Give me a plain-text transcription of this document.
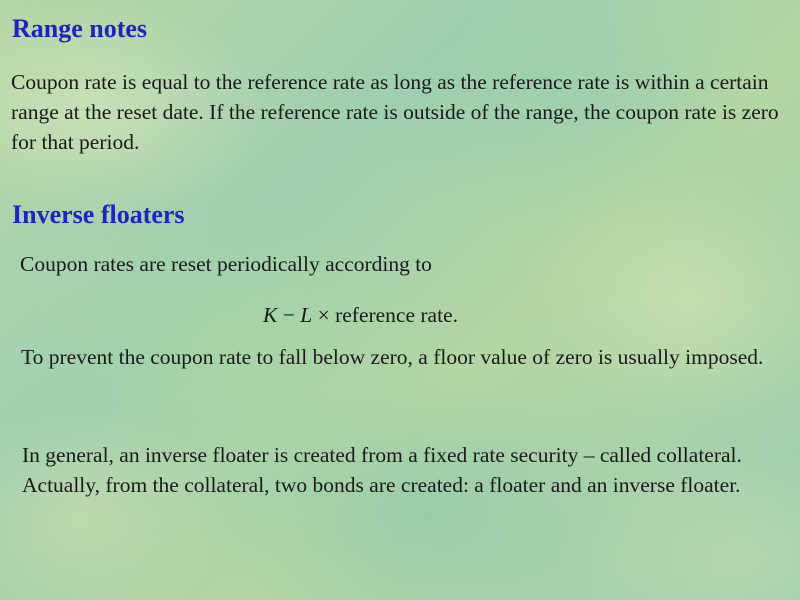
Range notes

Coupon rate is equal to the reference rate as long as the reference rate is within a certain range at the reset date. If the reference rate is outside of the range, the coupon rate is zero for that period.

Inverse floaters

Coupon rates are reset periodically according to

K − L × reference rate.

To prevent the coupon rate to fall below zero, a floor value of zero is usually imposed.

In general, an inverse floater is created from a fixed rate security – called collateral. Actually, from the collateral, two bonds are created: a floater and an inverse floater.
